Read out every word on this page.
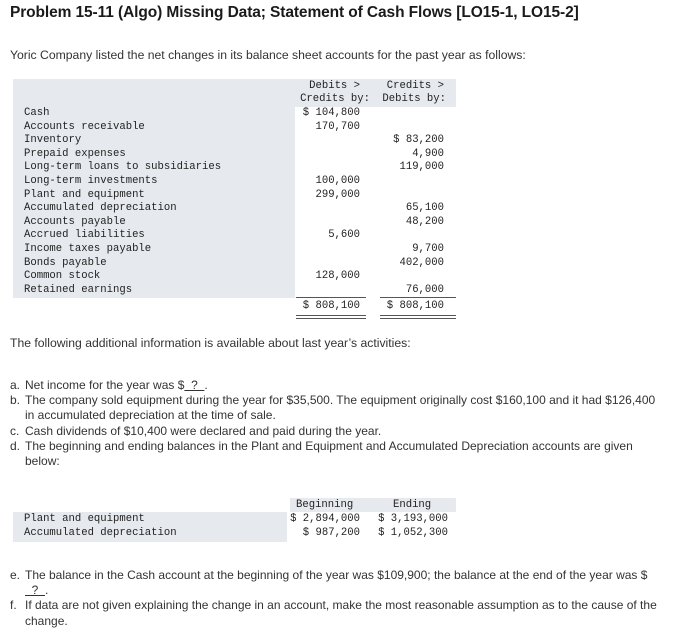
Problem 15-11 (Algo) Missing Data; Statement of Cash Flows [LO15-1, LO15-2]
Yoric Company listed the net changes in its balance sheet accounts for the past year as follows:
Debits >
Credits by:
Credits >
Debits by:
Cash
Accounts receivable
Inventory
Prepaid expenses
Long-term loans to subsidiaries
Long-term investments
Plant and equipment
Accumulated depreciation
Accounts payable
Accrued liabilities
Income taxes payable
Bonds payable
Common stock
Retained earnings
$ 104,800
170,700
100,000
299,000
5,600
128,000
$ 83,200
4,900
119,000
65,100
48,200
9,700
402,000
76,000
$ 808,100	$ 808,100
The following additional information is available about last year’s activities:
a. Net income for the year was $  ?  .
b. The company sold equipment during the year for $35,500. The equipment originally cost $160,100 and it had $126,400 in accumulated depreciation at the time of sale.
c. Cash dividends of $10,400 were declared and paid during the year.
d. The beginning and ending balances in the Plant and Equipment and Accumulated Depreciation accounts are given below:
Beginning	Ending
Plant and equipment
Accumulated depreciation
$ 2,894,000
$ 987,200
$ 3,193,000
$ 1,052,300
e. The balance in the Cash account at the beginning of the year was $109,900; the balance at the end of the year was $  ?  .
f. If data are not given explaining the change in an account, make the most reasonable assumption as to the cause of the change.
